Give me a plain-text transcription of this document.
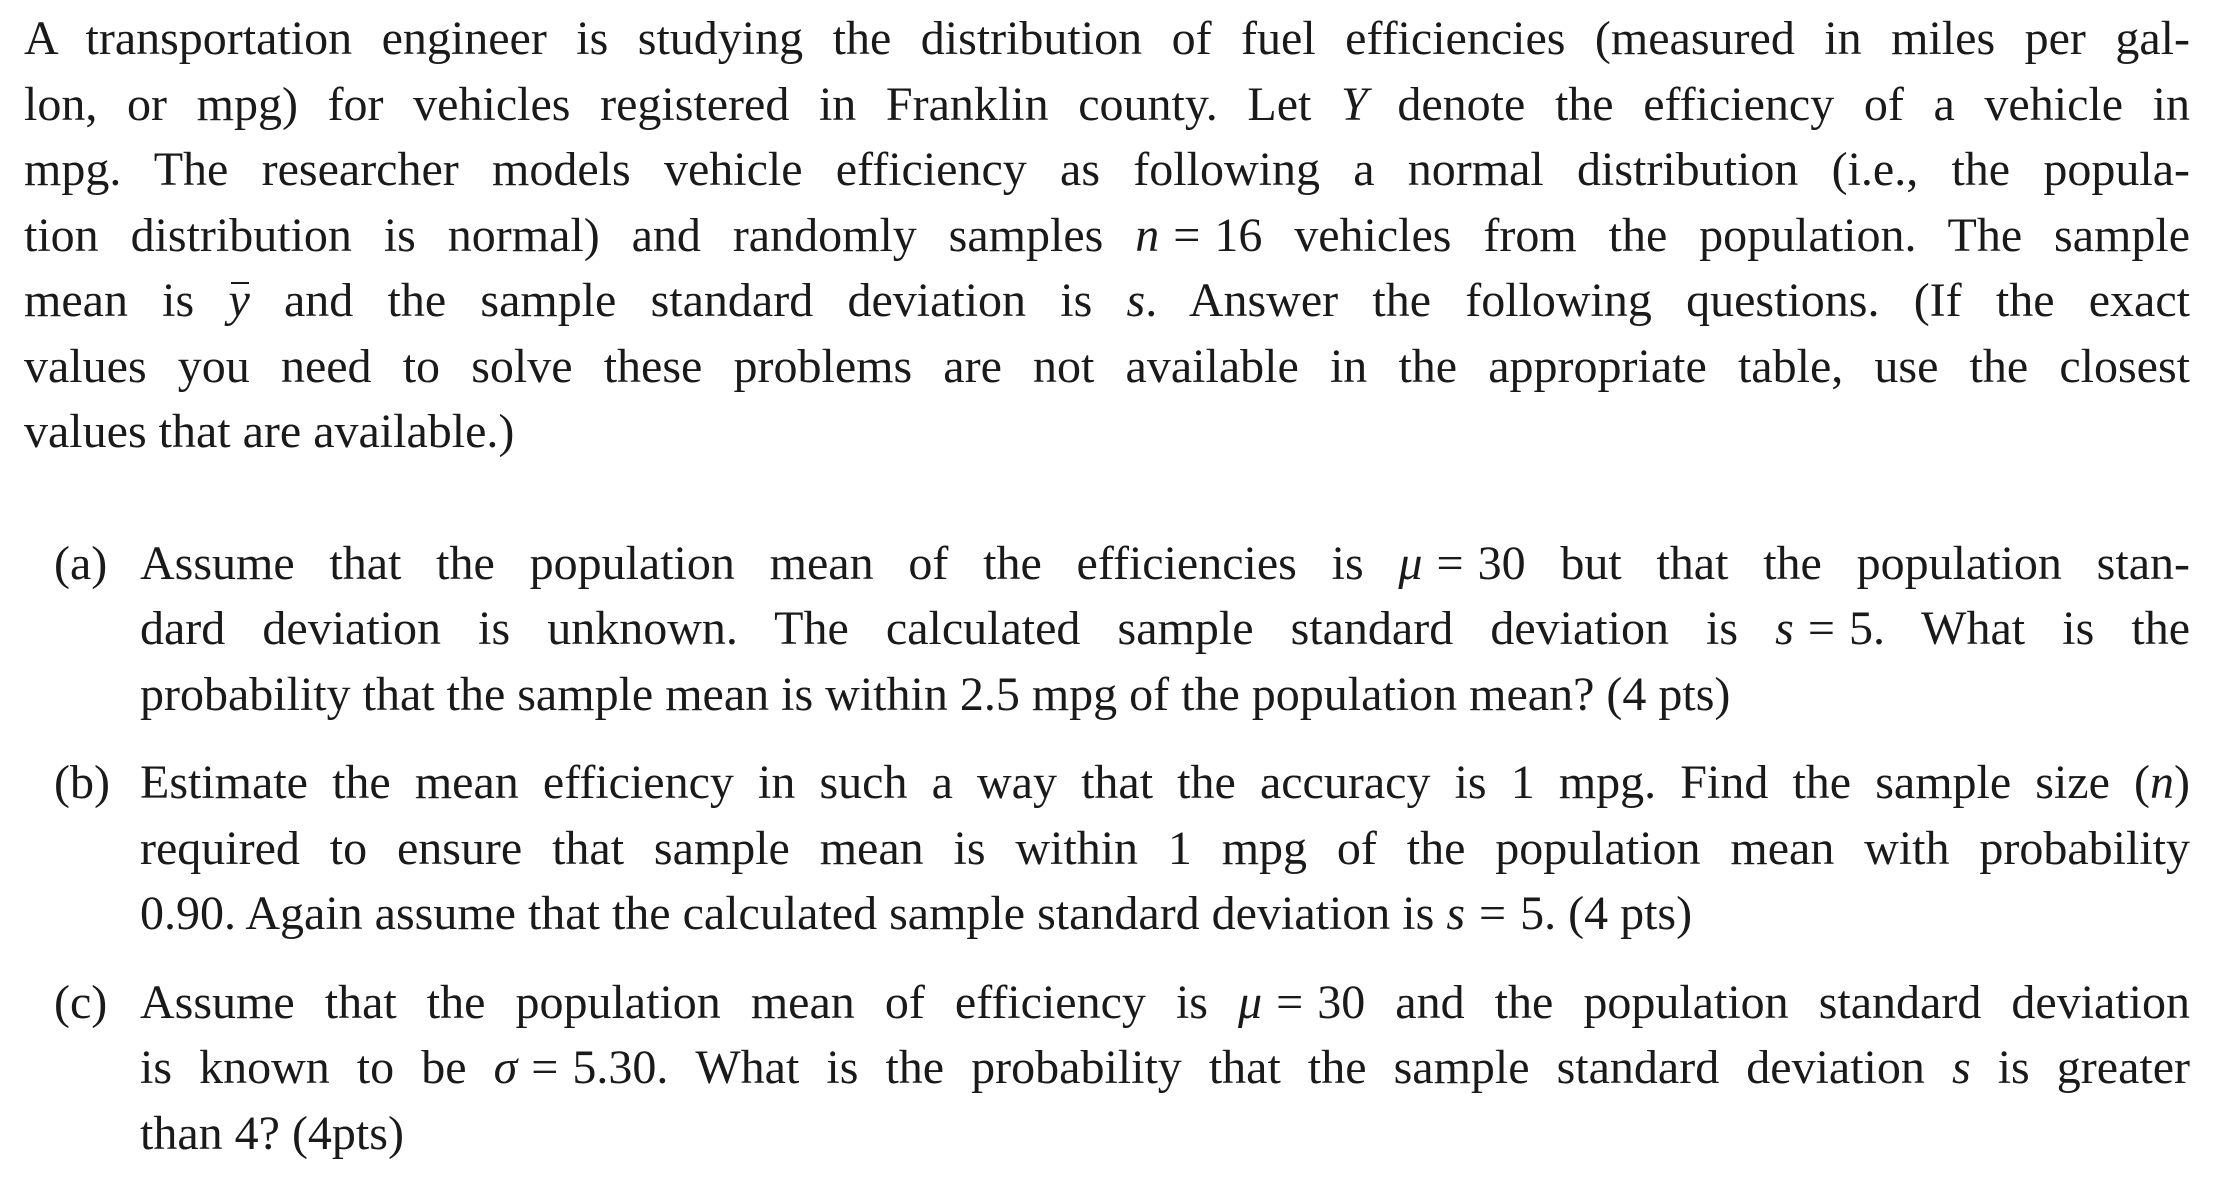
A transportation engineer is studying the distribution of fuel efficiencies (measured in miles per gal-
lon, or mpg) for vehicles registered in Franklin county. Let Y denote the efficiency of a vehicle in
mpg. The researcher models vehicle efficiency as following a normal distribution (i.e., the popula-
tion distribution is normal) and randomly samples n = 16 vehicles from the population. The sample
mean is y and the sample standard deviation is s. Answer the following questions. (If the exact
values you need to solve these problems are not available in the appropriate table, use the closest
values that are available.)
(a) Assume that the population mean of the efficiencies is μ = 30 but that the population stan-
dard deviation is unknown. The calculated sample standard deviation is s = 5. What is the
probability that the sample mean is within 2.5 mpg of the population mean? (4 pts)
(b) Estimate the mean efficiency in such a way that the accuracy is 1 mpg. Find the sample size (n)
required to ensure that sample mean is within 1 mpg of the population mean with probability
0.90. Again assume that the calculated sample standard deviation is s = 5. (4 pts)
(c) Assume that the population mean of efficiency is μ = 30 and the population standard deviation
is known to be σ = 5.30. What is the probability that the sample standard deviation s is greater
than 4? (4pts)
